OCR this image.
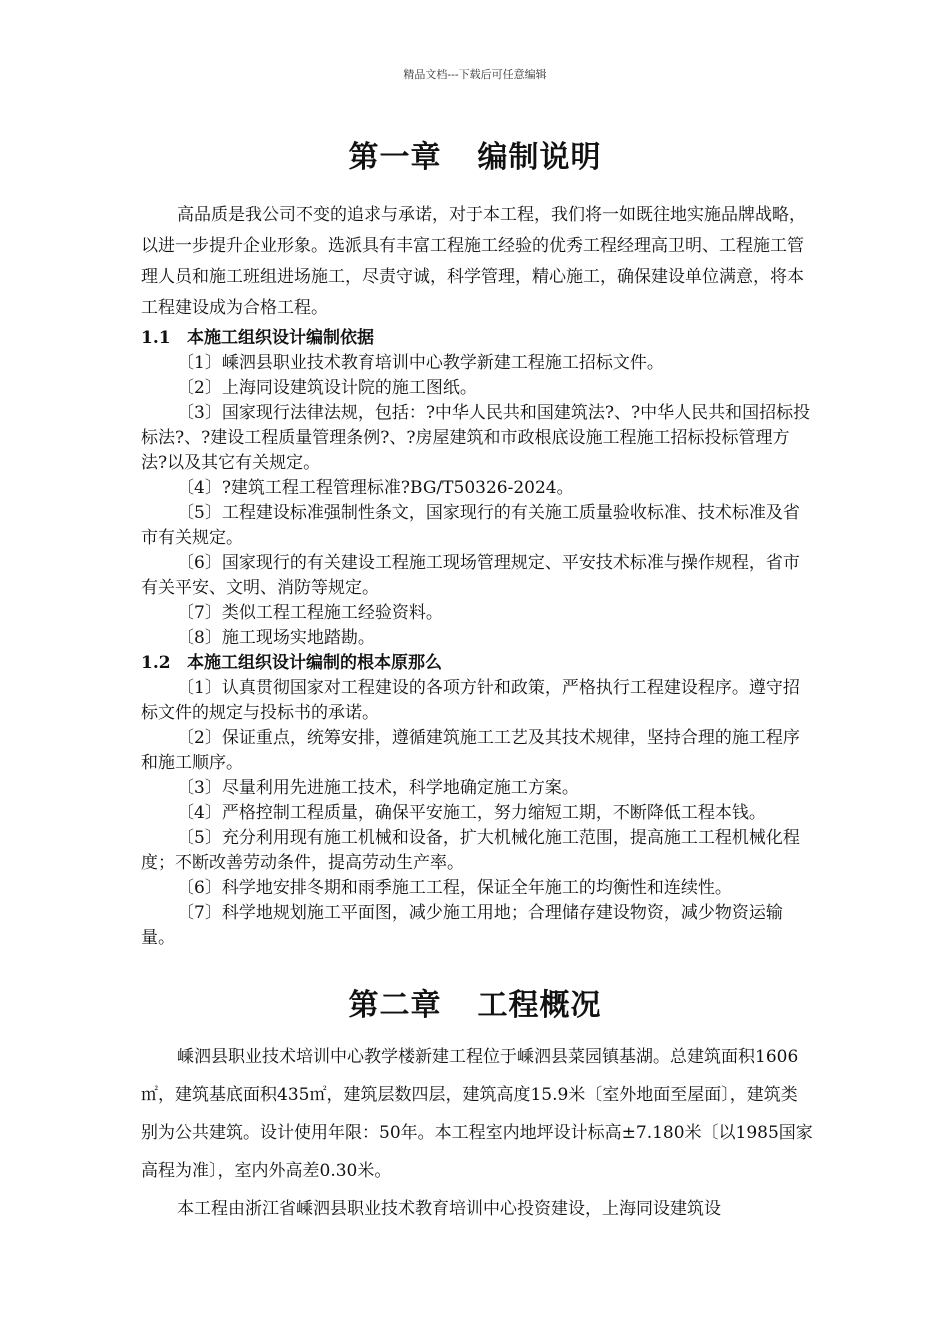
精品文档---下载后可任意编辑
第一章 编制说明

高品质是我公司不变的追求与承诺，对于本工程，我们将一如既往地实施品牌战略，以进一步提升企业形象。选派具有丰富工程施工经验的优秀工程经理高卫明、工程施工管理人员和施工班组进场施工，尽责守诚，科学管理，精心施工，确保建设单位满意，将本工程建设成为合格工程。

1.1 本施工组织设计编制依据

〔1〕嵊泗县职业技术教育培训中心教学新建工程施工招标文件。

〔2〕上海同设建筑设计院的施工图纸。

〔3〕国家现行法律法规，包括：?中华人民共和国建筑法?、?中华人民共和国招标投标法?、?建设工程质量管理条例?、?房屋建筑和市政根底设施工程施工招标投标管理方法?以及其它有关规定。

〔4〕?建筑工程工程管理标准?BG/T50326-2024。

〔5〕工程建设标准强制性条文，国家现行的有关施工质量验收标准、技术标准及省市有关规定。

〔6〕国家现行的有关建设工程施工现场管理规定、平安技术标准与操作规程，省市有关平安、文明、消防等规定。

〔7〕类似工程工程施工经验资料。

〔8〕施工现场实地踏勘。

1.2 本施工组织设计编制的根本原那么

〔1〕认真贯彻国家对工程建设的各项方针和政策，严格执行工程建设程序。遵守招标文件的规定与投标书的承诺。

〔2〕保证重点，统筹安排，遵循建筑施工工艺及其技术规律，坚持合理的施工程序和施工顺序。

〔3〕尽量利用先进施工技术，科学地确定施工方案。

〔4〕严格控制工程质量，确保平安施工，努力缩短工期，不断降低工程本钱。

〔5〕充分利用现有施工机械和设备，扩大机械化施工范围，提高施工工程机械化程度；不断改善劳动条件，提高劳动生产率。

〔6〕科学地安排冬期和雨季施工工程，保证全年施工的均衡性和连续性。

〔7〕科学地规划施工平面图，减少施工用地；合理储存建设物资，减少物资运输量。

第二章 工程概况

嵊泗县职业技术培训中心教学楼新建工程位于嵊泗县菜园镇基湖。总建筑面积1606㎡，建筑基底面积435㎡，建筑层数四层，建筑高度15.9米〔室外地面至屋面〕，建筑类别为公共建筑。设计使用年限：50年。本工程室内地坪设计标高±7.180米〔以1985国家高程为准〕，室内外高差0.30米。

本工程由浙江省嵊泗县职业技术教育培训中心投资建设，上海同设建筑设
